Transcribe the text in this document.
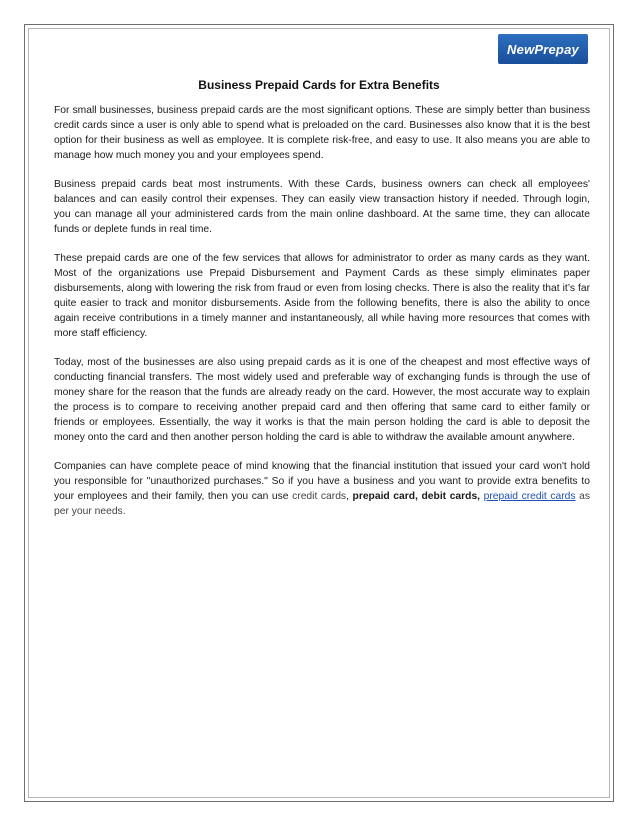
NewPrepay
Business Prepaid Cards for Extra Benefits

For small businesses, business prepaid cards are the most significant options. These are simply better than business credit cards since a user is only able to spend what is preloaded on the card. Businesses also know that it is the best option for their business as well as employee. It is complete risk-free, and easy to use. It also means you are able to manage how much money you and your employees spend.

Business prepaid cards beat most instruments. With these Cards, business owners can check all employees' balances and can easily control their expenses. They can easily view transaction history if needed. Through login, you can manage all your administered cards from the main online dashboard. At the same time, they can allocate funds or deplete funds in real time.

These prepaid cards are one of the few services that allows for administrator to order as many cards as they want. Most of the organizations use Prepaid Disbursement and Payment Cards as these simply eliminates paper disbursements, along with lowering the risk from fraud or even from losing checks. There is also the reality that it’s far quite easier to track and monitor disbursements. Aside from the following benefits, there is also the ability to once again receive contributions in a timely manner and instantaneously, all while having more resources that comes with more staff efficiency.

Today, most of the businesses are also using prepaid cards as it is one of the cheapest and most effective ways of conducting financial transfers. The most widely used and preferable way of exchanging funds is through the use of money share for the reason that the funds are already ready on the card. However, the most accurate way to explain the process is to compare to receiving another prepaid card and then offering that same card to either family or friends or employees. Essentially, the way it works is that the main person holding the card is able to deposit the money onto the card and then another person holding the card is able to withdraw the available amount anywhere.

Companies can have complete peace of mind knowing that the financial institution that issued your card won't hold you responsible for "unauthorized purchases." So if you have a business and you want to provide extra benefits to your employees and their family, then you can use credit cards, prepaid card, debit cards, prepaid credit cards as per your needs.
